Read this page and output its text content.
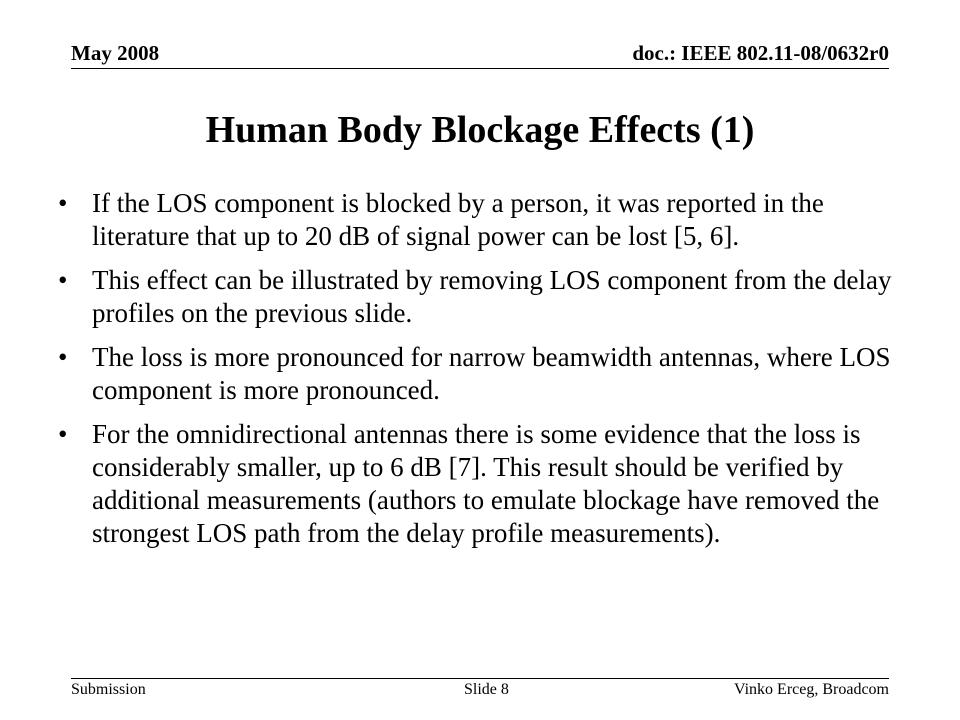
May 2008	doc.: IEEE 802.11-08/0632r0
Human Body Blockage Effects (1)
• If the LOS component is blocked by a person, it was reported in the literature that up to 20 dB of signal power can be lost [5, 6].
• This effect can be illustrated by removing LOS component from the delay profiles on the previous slide.
• The loss is more pronounced for narrow beamwidth antennas, where LOS component is more pronounced.
• For the omnidirectional antennas there is some evidence that the loss is considerably smaller, up to 6 dB [7]. This result should be verified by additional measurements (authors to emulate blockage have removed the strongest LOS path from the delay profile measurements).
Submission	Slide 8	Vinko Erceg, Broadcom
